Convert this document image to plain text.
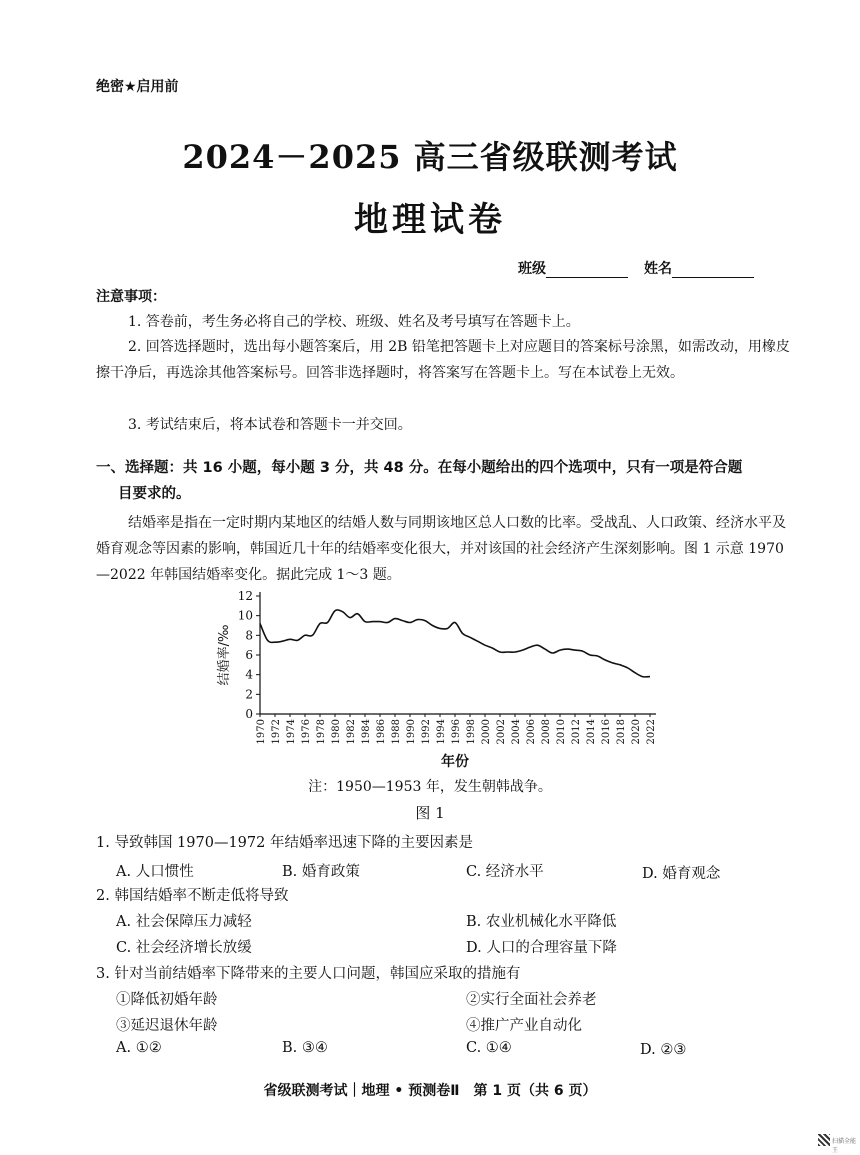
绝密★启用前
2024－2025 高三省级联测考试
地理试卷
班级	姓名
注意事项：
1. 答卷前，考生务必将自己的学校、班级、姓名及考号填写在答题卡上。
2. 回答选择题时，选出每小题答案后，用 2B 铅笔把答题卡上对应题目的答案标号涂黑，如需改动，用橡皮擦干净后，再选涂其他答案标号。回答非选择题时，将答案写在答题卡上。写在本试卷上无效。
3. 考试结束后，将本试卷和答题卡一并交回。
一、选择题：共 16 小题，每小题 3 分，共 48 分。在每小题给出的四个选项中，只有一项是符合题
目要求的。
结婚率是指在一定时期内某地区的结婚人数与同期该地区总人口数的比率。受战乱、人口政策、经济水平及婚育观念等因素的影响，韩国近几十年的结婚率变化很大，并对该国的社会经济产生深刻影响。图 1 示意 1970—2022 年韩国结婚率变化。据此完成 1～3 题。
0
2
4
6
8
10
12
1970 1972 1974 1976 1978 1980 1982 1984 1986 1988 1990 1992 1994 1996 1998 2000 2002 2004 2006 2008 2010 2012 2014 2016 2018 2020 2022
结婚率/‰
年份
注：1950—1953 年，发生朝韩战争。
图 1
1. 导致韩国 1970—1972 年结婚率迅速下降的主要因素是
A. 人口惯性	B. 婚育政策	C. 经济水平	D. 婚育观念
2. 韩国结婚率不断走低将导致
A. 社会保障压力减轻	B. 农业机械化水平降低
C. 社会经济增长放缓	D. 人口的合理容量下降
3. 针对当前结婚率下降带来的主要人口问题，韩国应采取的措施有
①降低初婚年龄	②实行全面社会养老
③延迟退休年龄	④推广产业自动化
A. ①②	B. ③④	C. ①④	D. ②③
省级联测考试｜地理 • 预测卷Ⅱ　第 1 页（共 6 页）
扫描全能王
